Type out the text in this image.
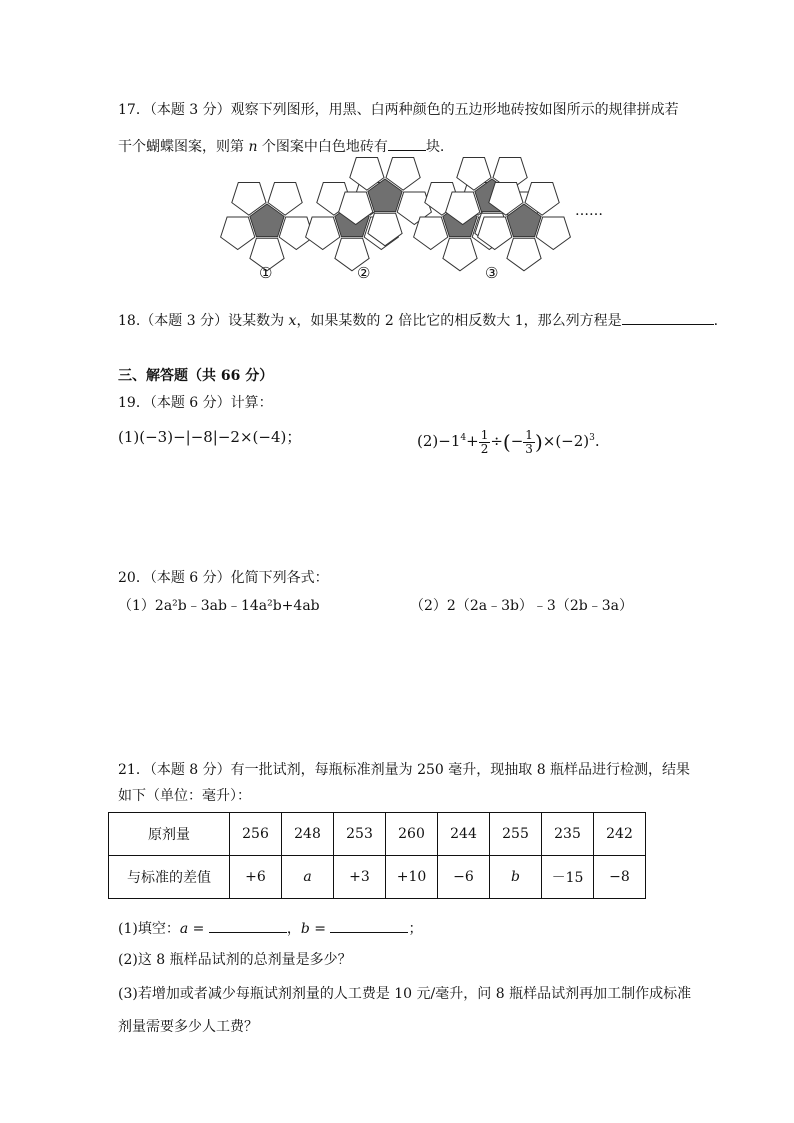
17．（本题 3 分）观察下列图形，用黑、白两种颜色的五边形地砖按如图所示的规律拼成若
干个蝴蝶图案，则第 n 个图案中白色地砖有	块.
……
①	②	③
18.（本题 3 分）设某数为 x，如果某数的 2 倍比它的相反数大 1，那么列方程是	.
三、解答题（共 66 分）
19．（本题 6 分）计算：
(1)(−3)−|−8|−2×(−4)；	$(2)-1^4+ \frac{1}{2}$ ÷(− $\frac{1}{3} )\times(-2)^3$.
20．（本题 6 分）化简下列各式：
（1）2a²b﹣3ab﹣14a²b+4ab	（2）2（2a﹣3b）﹣3（2b﹣3a）
21．（本题 8 分）有一批试剂，每瓶标准剂量为 250 毫升，现抽取 8 瓶样品进行检测，结果
如下（单位：毫升）：
原剂量	256	248	253	260	244	255	235	242
与标准的差值	+6	a	+3	+10	−6	b	－15	−8
(1)填空：a =	，b =	；
(2)这 8 瓶样品试剂的总剂量是多少？
(3)若增加或者减少每瓶试剂剂量的人工费是 10 元/毫升，问 8 瓶样品试剂再加工制作成标准
剂量需要多少人工费？
